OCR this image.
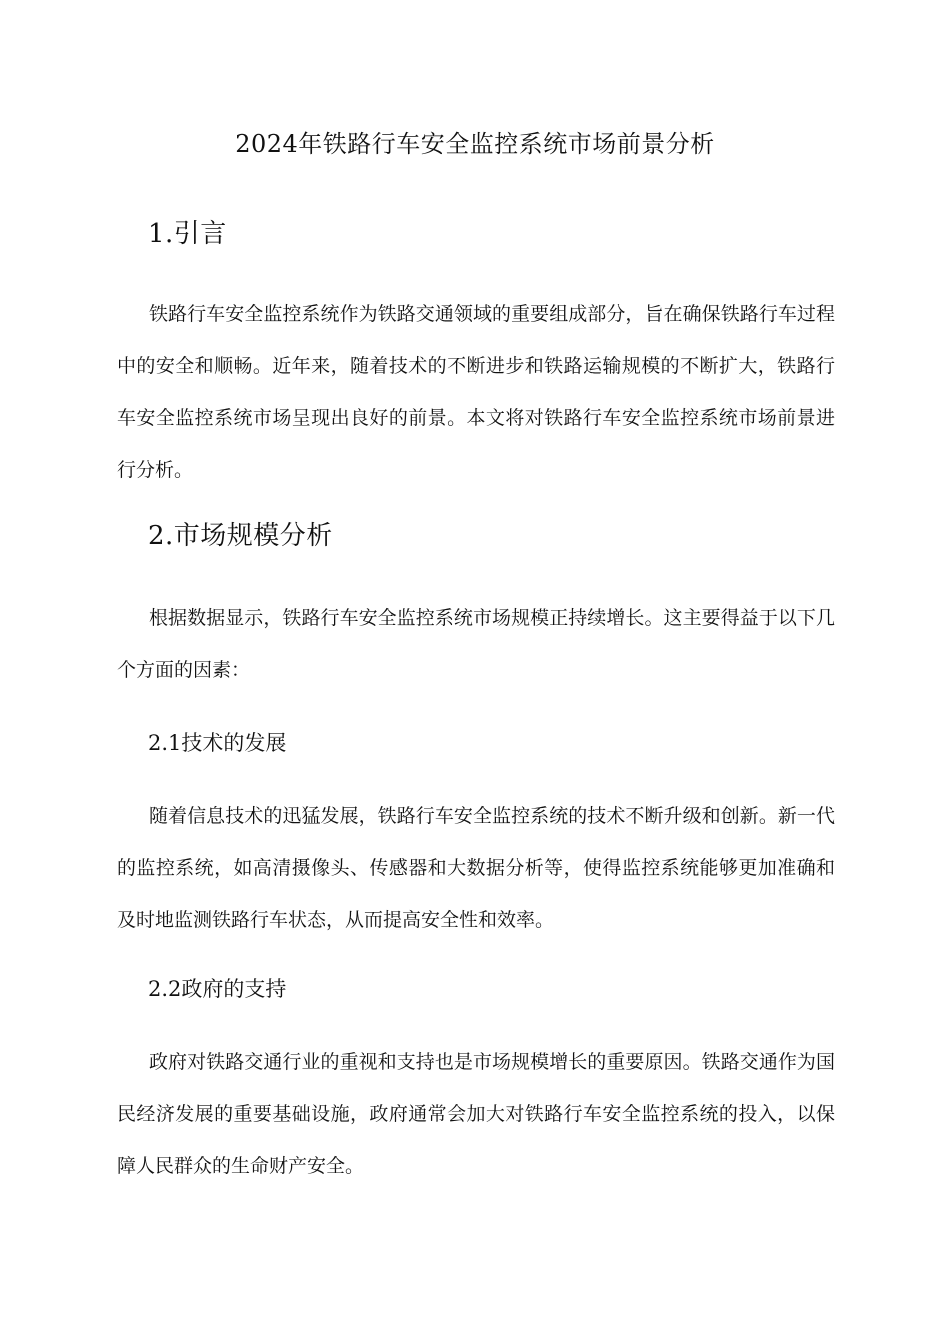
2024年铁路行车安全监控系统市场前景分析
1.引言
铁路行车安全监控系统作为铁路交通领域的重要组成部分，旨在确保铁路行车过程中的安全和顺畅。近年来，随着技术的不断进步和铁路运输规模的不断扩大，铁路行车安全监控系统市场呈现出良好的前景。本文将对铁路行车安全监控系统市场前景进行分析。
2.市场规模分析
根据数据显示，铁路行车安全监控系统市场规模正持续增长。这主要得益于以下几个方面的因素：
2.1技术的发展
随着信息技术的迅猛发展，铁路行车安全监控系统的技术不断升级和创新。新一代的监控系统，如高清摄像头、传感器和大数据分析等，使得监控系统能够更加准确和及时地监测铁路行车状态，从而提高安全性和效率。
2.2政府的支持
政府对铁路交通行业的重视和支持也是市场规模增长的重要原因。铁路交通作为国民经济发展的重要基础设施，政府通常会加大对铁路行车安全监控系统的投入，以保障人民群众的生命财产安全。
